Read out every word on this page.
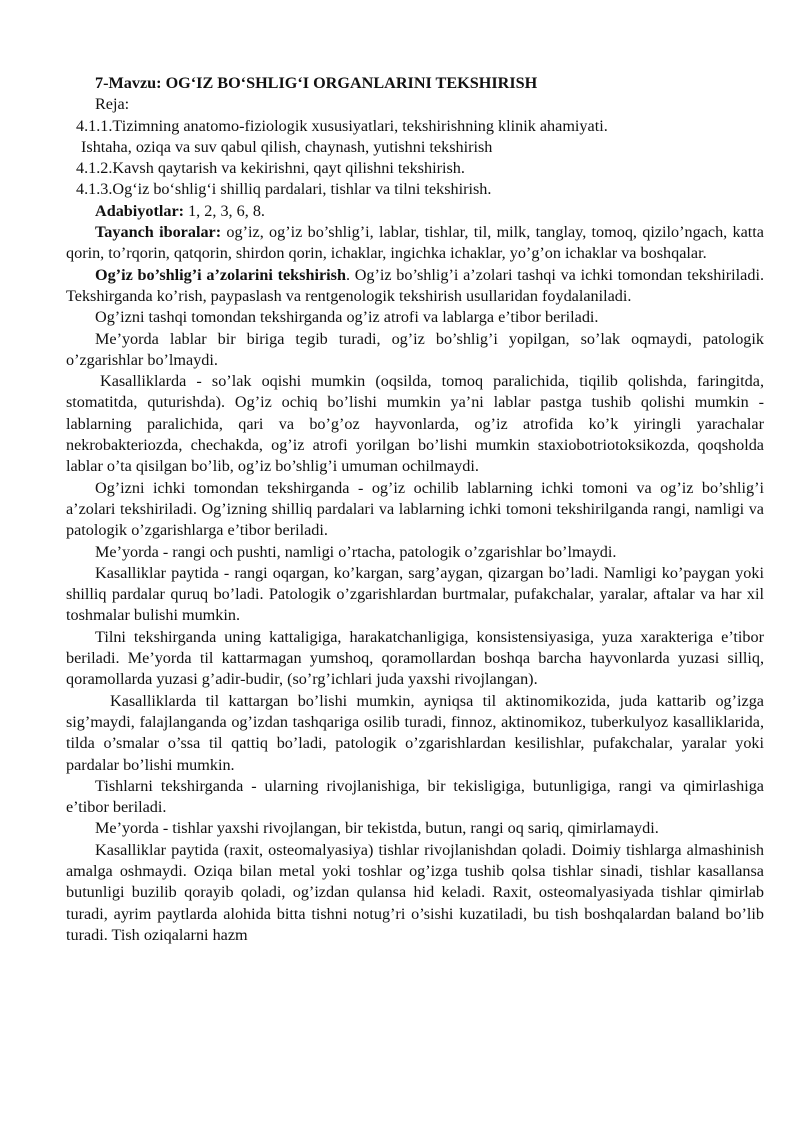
7-Mavzu: OG‘IZ BO‘SHLIG‘I ORGANLARINI TEKSHIRISH
Reja:
4.1.1.Tizimning anatomo-fiziologik xususiyatlari, tekshirishning klinik ahamiyati.
Ishtaha, oziqa va suv qabul qilish, chaynash, yutishni tekshirish
4.1.2.Kavsh qaytarish va kekirishni, qayt qilishni tekshirish.
4.1.3.Og‘iz bo‘shlig‘i shilliq pardalari, tishlar va tilni tekshirish.
Adabiyotlar: 1, 2, 3, 6, 8.

Tayanch iboralar: og’iz, og’iz bo’shlig’i, lablar, tishlar, til, milk, tanglay, tomoq, qizilo’ngach, katta qorin, to’rqorin, qatqorin, shirdon qorin, ichaklar, ingichka ichaklar, yo’g’on ichaklar va boshqalar.

Og’iz bo’shlig’i a’zolarini tekshirish. Og’iz bo’shlig’i a’zolari tashqi va ichki tomondan tekshiriladi. Tekshirganda ko’rish, paypaslash va rentgenologik tekshirish usullaridan foydalaniladi.

Og’izni tashqi tomondan tekshirganda og’iz atrofi va lablarga e’tibor beriladi.

Me’yorda lablar bir biriga tegib turadi, og’iz bo’shlig’i yopilgan, so’lak oqmaydi, patologik o’zgarishlar bo’lmaydi.

Kasalliklarda - so’lak oqishi mumkin (oqsilda, tomoq paralichida, tiqilib qolishda, faringitda, stomatitda, quturishda). Og’iz ochiq bo’lishi mumkin ya’ni lablar pastga tushib qolishi mumkin - lablarning paralichida, qari va bo’g’oz hayvonlarda, og’iz atrofida ko’k yiringli yarachalar nekrobakteriozda, chechakda, og’iz atrofi yorilgan bo’lishi mumkin staxiobotriotoksikozda, qoqsholda lablar o’ta qisilgan bo’lib, og’iz bo’shlig’i umuman ochilmaydi.

Og’izni ichki tomondan tekshirganda - og’iz ochilib lablarning ichki tomoni va og’iz bo’shlig’i a’zolari tekshiriladi. Og’izning shilliq pardalari va lablarning ichki tomoni tekshirilganda rangi, namligi va patologik o’zgarishlarga e’tibor beriladi.

Me’yorda - rangi och pushti, namligi o’rtacha, patologik o’zgarishlar bo’lmaydi.

Kasalliklar paytida - rangi oqargan, ko’kargan, sarg’aygan, qizargan bo’ladi. Namligi ko’paygan yoki shilliq pardalar quruq bo’ladi. Patologik o’zgarishlardan burtmalar, pufakchalar, yaralar, aftalar va har xil toshmalar bulishi mumkin.

Tilni tekshirganda uning kattaligiga, harakatchanligiga, konsistensiyasiga, yuza xarakteriga e’tibor beriladi. Me’yorda til kattarmagan yumshoq, qoramollardan boshqa barcha hayvonlarda yuzasi silliq, qoramollarda yuzasi g’adir-budir, (so’rg’ichlari juda yaxshi rivojlangan).

Kasalliklarda til kattargan bo’lishi mumkin, ayniqsa til aktinomikozida, juda kattarib og’izga sig’maydi, falajlanganda og’izdan tashqariga osilib turadi, finnoz, aktinomikoz, tuberkulyoz kasalliklarida, tilda o’smalar o’ssa til qattiq bo’ladi, patologik o’zgarishlardan kesilishlar, pufakchalar, yaralar yoki pardalar bo’lishi mumkin.

Tishlarni tekshirganda - ularning rivojlanishiga, bir tekisligiga, butunligiga, rangi va qimirlashiga e’tibor beriladi.

Me’yorda - tishlar yaxshi rivojlangan, bir tekistda, butun, rangi oq sariq, qimirlamaydi.

Kasalliklar paytida (raxit, osteomalyasiya) tishlar rivojlanishdan qoladi. Doimiy tishlarga almashinish amalga oshmaydi. Oziqa bilan metal yoki toshlar og’izga tushib qolsa tishlar sinadi, tishlar kasallansa butunligi buzilib qorayib qoladi, og’izdan qulansa hid keladi. Raxit, osteomalyasiyada tishlar qimirlab turadi, ayrim paytlarda alohida bitta tishni notug’ri o’sishi kuzatiladi, bu tish boshqalardan baland bo’lib turadi. Tish oziqalarni hazm
